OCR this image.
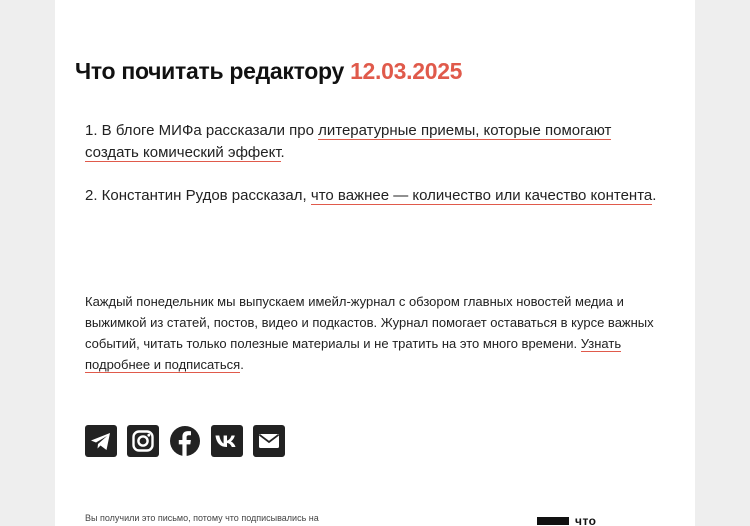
Что почитать редактору 12.03.2025

1. В блоге МИФа рассказали про литературные приемы, которые помогают создать комический эффект.

2. Константин Рудов рассказал, что важнее — количество или качество контента.

Каждый понедельник мы выпускаем имейл-журнал с обзором главных новостей медиа и выжимкой из статей, постов, видео и подкастов. Журнал помогает оставаться в курсе важных событий, читать только полезные материалы и не тратить на это много времени. Узнать подробнее и подписаться.

Вы получили это письмо, потому что подписывались на	что
